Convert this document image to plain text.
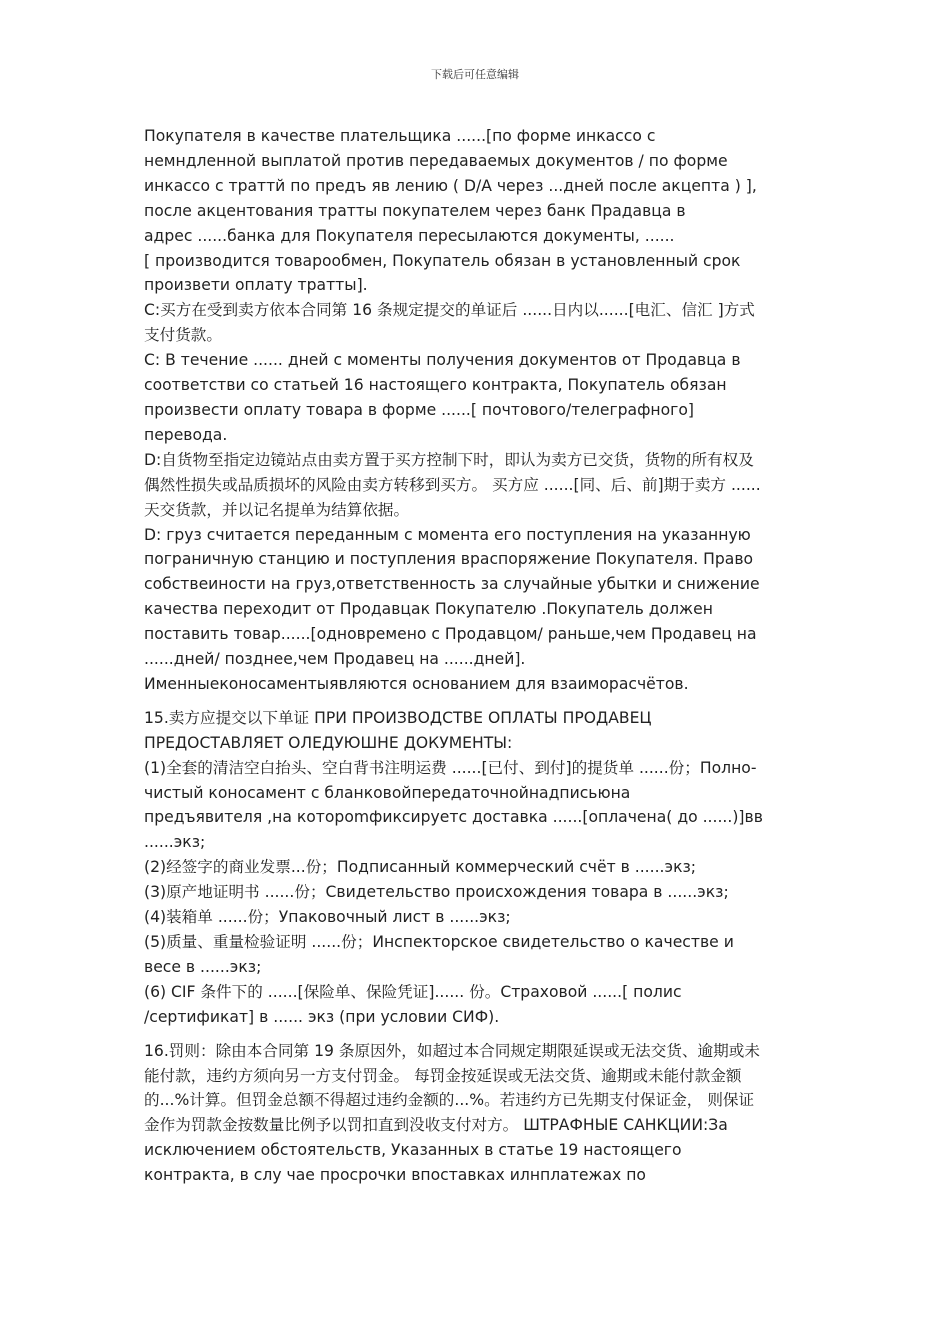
下载后可任意编辑
Покупателя в качестве плательщика ......[по форме инкассо с
немндленной выплатой против передаваемых документов / по форме
инкассо с траттй по предъ яв лению ( D/A через ...дней после акцепта ) ],
после акцентования тратты покупателем через банк Прадавца в
адрес ......банка для Покупателя пересылаются документы, ......
[ производится товарообмен, Покупатель обязан в установленный срок
произвети оплату тратты].
C:买方在受到卖方依本合同第 16 条规定提交的单证后 ......日内以......[电汇、信汇 ]方式
支付货款。
C: В течение ...... дней с моменты получения документов от Продавца в
соответстви со статьей 16 настоящего контракта, Покупатель обязан
произвести оплату товара в форме ......[ почтового/телеграфного]
перевода.
D:自货物至指定边镜站点由卖方置于买方控制下时，即认为卖方已交货，货物的所有权及
偶然性损失或品质损坏的风险由卖方转移到买方。 买方应 ......[同、后、前]期于卖方 ......
天交货款，并以记名提单为结算依据。
D: груз считается переданным с момента его поступления на указанную
пограничную станцию и поступления враспоряжение Покупателя. Право
собствеиности на груз,ответственность за случайные убытки и снижение
качества переходит от Продавцак Покупателю .Покупатель должен
поставить товар......[одновремено с Продавцом/ раньше,чем Продавец на
......дней/ позднее,чем Продавец на ......дней].
Именныеконосаментыявляются основанием для взаиморасчётов.
15.卖方应提交以下单证 ПРИ ПРОИЗВОДСТВЕ ОПЛАТЫ ПРОДАВЕЦ
ПРЕДОСТАВЛЯЕТ ОЛЕДУЮШНЕ ДОКУМЕНТЫ:
(1)全套的清洁空白抬头、空白背书注明运费 ......[已付、到付]的提货单 ......份；Полно-
чистый коносамент с бланковойпередаточнойнадписьюна
предъявителя ,на котороmфиксируетс доставка ......[оплачена( до ......)]вв
......экз;
(2)经签字的商业发票...份；Подписанный коммерческий счёт в ......экз;
(3)原产地证明书 ......份；Свидетельство происхождения товара в ......экз;
(4)装箱单 ......份；Упаковочный лист в ......экз;
(5)质量、重量检验证明 ......份；Инспекторское свидетельство о качестве и
весе в ......экз;
(6) CIF 条件下的 ......[保险单、保险凭证]...... 份。Страховой ......[ полис
/сертификат] в ...... экз (при условии СИФ).
16.罚则：除由本合同第 19 条原因外，如超过本合同规定期限延误或无法交货、逾期或未
能付款，违约方须向另一方支付罚金。 每罚金按延误或无法交货、逾期或未能付款金额
的...%计算。但罚金总额不得超过违约金额的...%。若违约方已先期支付保证金， 则保证
金作为罚款金按数量比例予以罚扣直到没收支付对方。 ШТРАФНЫЕ САНКЦИИ:За
исключением обстоятельств, Указанных в статье 19 настоящего
контракта, в слу чае просрочки впоставках илнплатежах по
